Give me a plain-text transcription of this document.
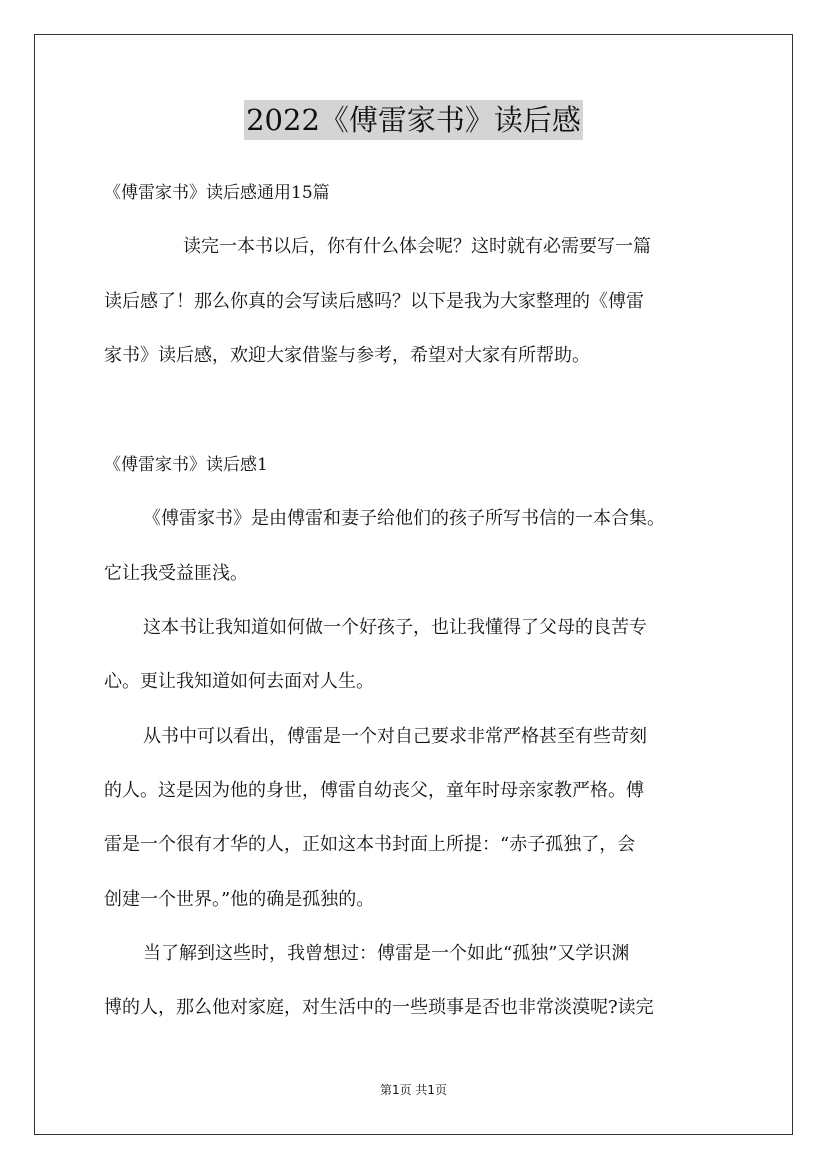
2022《傅雷家书》读后感
《傅雷家书》读后感通用15篇
读完一本书以后，你有什么体会呢？这时就有必需要写一篇
读后感了！那么你真的会写读后感吗？以下是我为大家整理的《傅雷
家书》读后感，欢迎大家借鉴与参考，希望对大家有所帮助。
《傅雷家书》读后感1
《傅雷家书》是由傅雷和妻子给他们的孩子所写书信的一本合集。
它让我受益匪浅。
这本书让我知道如何做一个好孩子，也让我懂得了父母的良苦专
心。更让我知道如何去面对人生。
从书中可以看出，傅雷是一个对自己要求非常严格甚至有些苛刻
的人。这是因为他的身世，傅雷自幼丧父，童年时母亲家教严格。傅
雷是一个很有才华的人，正如这本书封面上所提：“赤子孤独了，会
创建一个世界。”他的确是孤独的。
当了解到这些时，我曾想过：傅雷是一个如此“孤独”又学识渊
博的人，那么他对家庭，对生活中的一些琐事是否也非常淡漠呢?读完
第1页 共1页
